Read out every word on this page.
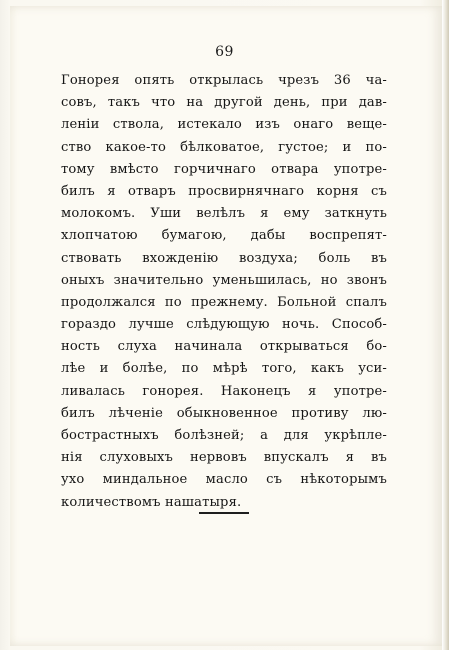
69
Гонорея опять открылась чрезъ 36 ча-
совъ, такъ что на другой день, при дав-
леніи ствола, истекало изъ онаго веще-
ство какое-то бѣлковатое, густое; и по-
тому вмѣсто горчичнаго отвара употре-
билъ я отваръ просвирнячнаго корня съ
молокомъ. Уши велѣлъ я ему заткнуть
хлопчатою бумагою, дабы воспрепят-
ствовать вхожденію воздуха; боль въ
оныхъ значительно уменьшилась, но звонъ
продолжался по прежнему. Больной спалъ
гораздо лучше слѣдующую ночь. Способ-
ность слуха начинала открываться бо-
лѣе и болѣе, по мѣрѣ того, какъ уси-
ливалась гонорея. Наконецъ я употре-
билъ лѣченіе обыкновенное противу лю-
бострастныхъ болѣзней; а для укрѣпле-
нія слуховыхъ нервовъ впускалъ я въ
ухо миндальное масло съ нѣкоторымъ
количествомъ нашатыря.
